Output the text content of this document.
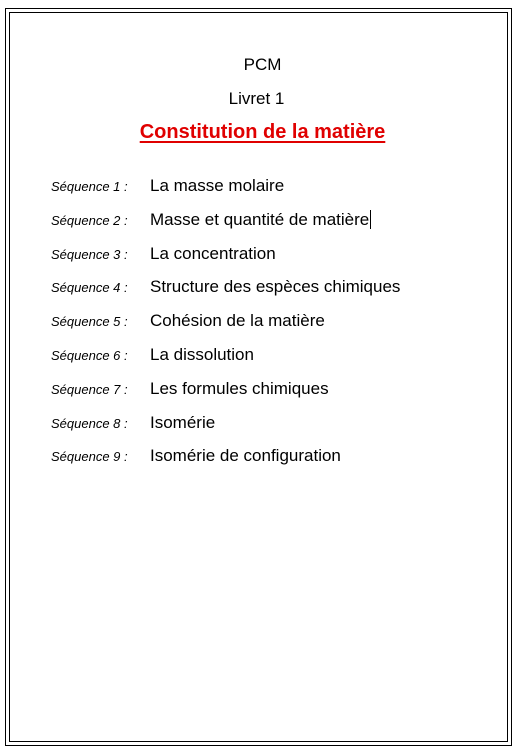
PCM
Livret 1
Constitution de la matière
Séquence 1 :	La masse molaire
Séquence 2 :	Masse et quantité de matière
Séquence 3 :	La concentration
Séquence 4 :	Structure des espèces chimiques
Séquence 5 :	Cohésion de la matière
Séquence 6 :	La dissolution
Séquence 7 :	Les formules chimiques
Séquence 8 :	Isomérie
Séquence 9 :	Isomérie de configuration
